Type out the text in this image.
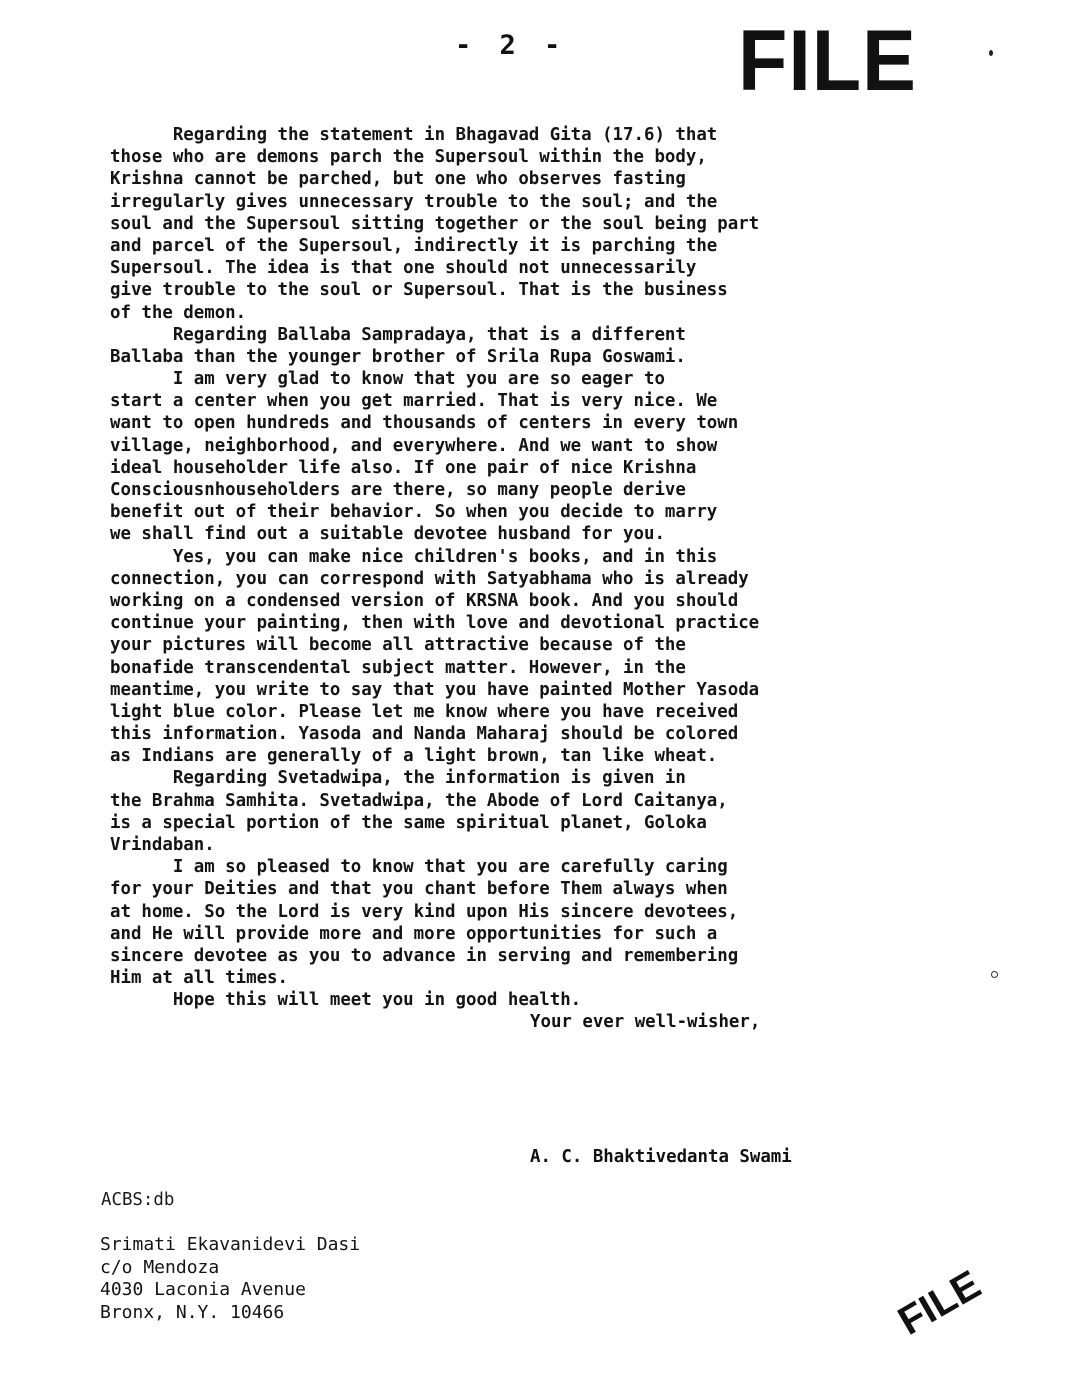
- 2 - FILE
Regarding the statement in Bhagavad Gita (17.6) that
those who are demons parch the Supersoul within the body,
Krishna cannot be parched, but one who observes fasting
irregularly gives unnecessary trouble to the soul; and the
soul and the Supersoul sitting together or the soul being part
and parcel of the Supersoul, indirectly it is parching the
Supersoul. The idea is that one should not unnecessarily
give trouble to the soul or Supersoul. That is the business
of the demon.
Regarding Ballaba Sampradaya, that is a different
Ballaba than the younger brother of Srila Rupa Goswami.
I am very glad to know that you are so eager to
start a center when you get married. That is very nice. We
want to open hundreds and thousands of centers in every town
village, neighborhood, and everywhere. And we want to show
ideal householder life also. If one pair of nice Krishna
Consciousnhouseholders are there, so many people derive
benefit out of their behavior. So when you decide to marry
we shall find out a suitable devotee husband for you.
Yes, you can make nice children's books, and in this
connection, you can correspond with Satyabhama who is already
working on a condensed version of KRSNA book. And you should
continue your painting, then with love and devotional practice
your pictures will become all attractive because of the
bonafide transcendental subject matter. However, in the
meantime, you write to say that you have painted Mother Yasoda
light blue color. Please let me know where you have received
this information. Yasoda and Nanda Maharaj should be colored
as Indians are generally of a light brown, tan like wheat.
Regarding Svetadwipa, the information is given in
the Brahma Samhita. Svetadwipa, the Abode of Lord Caitanya,
is a special portion of the same spiritual planet, Goloka
Vrindaban.
I am so pleased to know that you are carefully caring
for your Deities and that you chant before Them always when
at home. So the Lord is very kind upon His sincere devotees,
and He will provide more and more opportunities for such a
sincere devotee as you to advance in serving and remembering
Him at all times.
Hope this will meet you in good health.
Your ever well-wisher,
A. C. Bhaktivedanta Swami
ACBS:db
Srimati Ekavanidevi Dasi
c/o Mendoza
4030 Laconia Avenue
Bronx, N.Y. 10466	FILE
